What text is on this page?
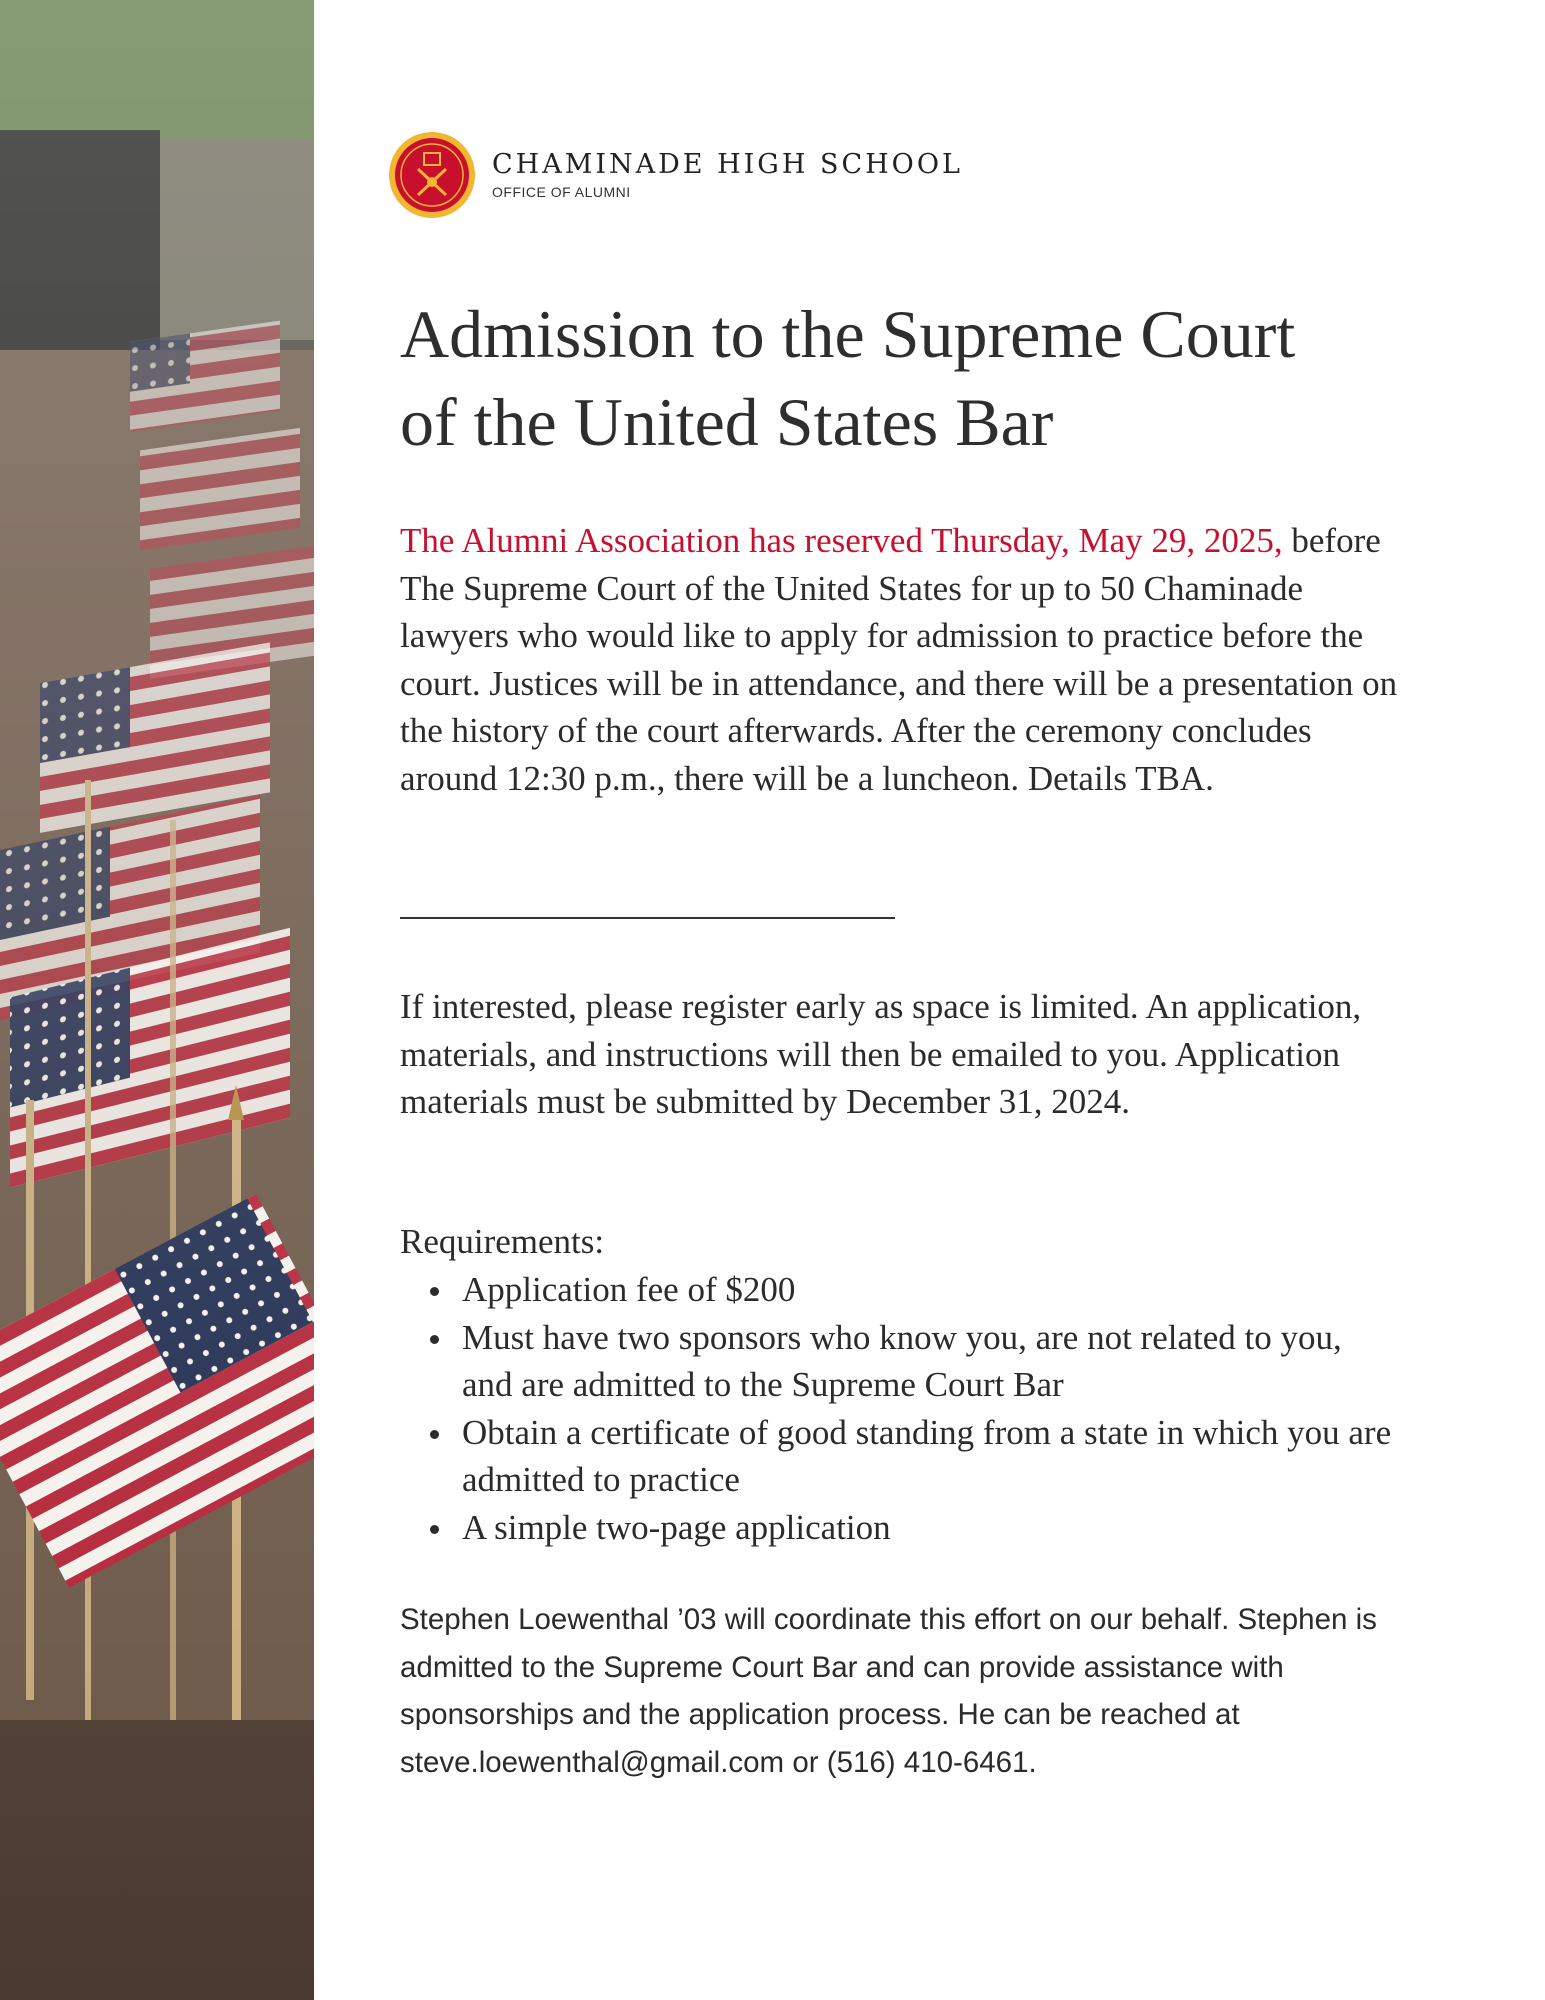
CHAMINADE HIGH SCHOOL
OFFICE OF ALUMNI
Admission to the Supreme Court
of the United States Bar

The Alumni Association has reserved Thursday, May 29, 2025, before The Supreme Court of the United States for up to 50 Chaminade lawyers who would like to apply for admission to practice before the court. Justices will be in attendance, and there will be a presentation on the history of the court afterwards. After the ceremony concludes around 12:30 p.m., there will be a luncheon. Details TBA.

If interested, please register early as space is limited. An application, materials, and instructions will then be emailed to you. Application materials must be submitted by December 31, 2024.

Requirements:

Application fee of $200
Must have two sponsors who know you, are not related to you, and are admitted to the Supreme Court Bar
Obtain a certificate of good standing from a state in which you are admitted to practice
A simple two-page application

Stephen Loewenthal ’03 will coordinate this effort on our behalf. Stephen is admitted to the Supreme Court Bar and can provide assistance with sponsorships and the application process. He can be reached at steve.loewenthal@gmail.com or (516) 410-6461.
